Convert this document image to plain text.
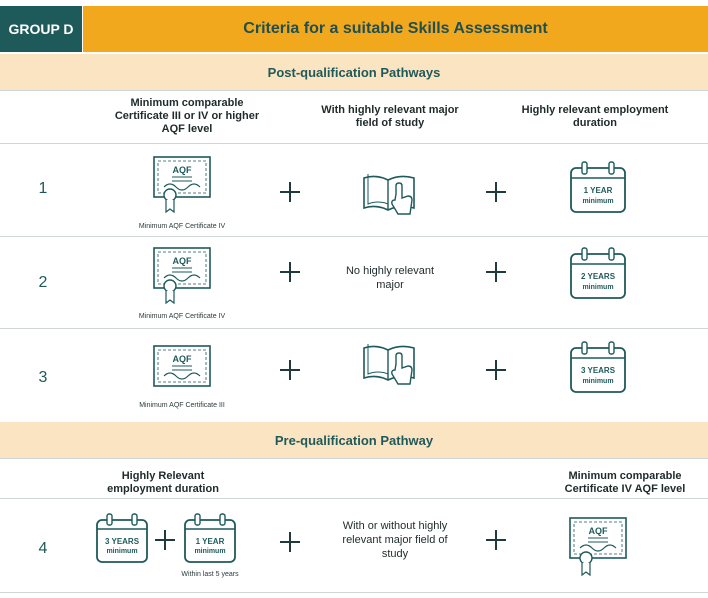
GROUP D	Criteria for a suitable Skills Assessment
Post-qualification Pathways
Minimum comparable Certificate III or IV or higher AQF level
With highly relevant major field of study
Highly relevant employment duration
1
AQF
Minimum AQF Certificate IV
1 YEAR
minimum
2
AQF
Minimum AQF Certificate IV
No highly relevant major
2 YEARS
minimum
3
AQF
Minimum AQF Certificate III
3 YEARS
minimum
Pre-qualification Pathway
Highly Relevant employment duration
Minimum comparable Certificate IV AQF level
4	3 YEARS
minimum
1 YEAR
minimum
Within last 5 years
With or without highly relevant major field of study
AQF
